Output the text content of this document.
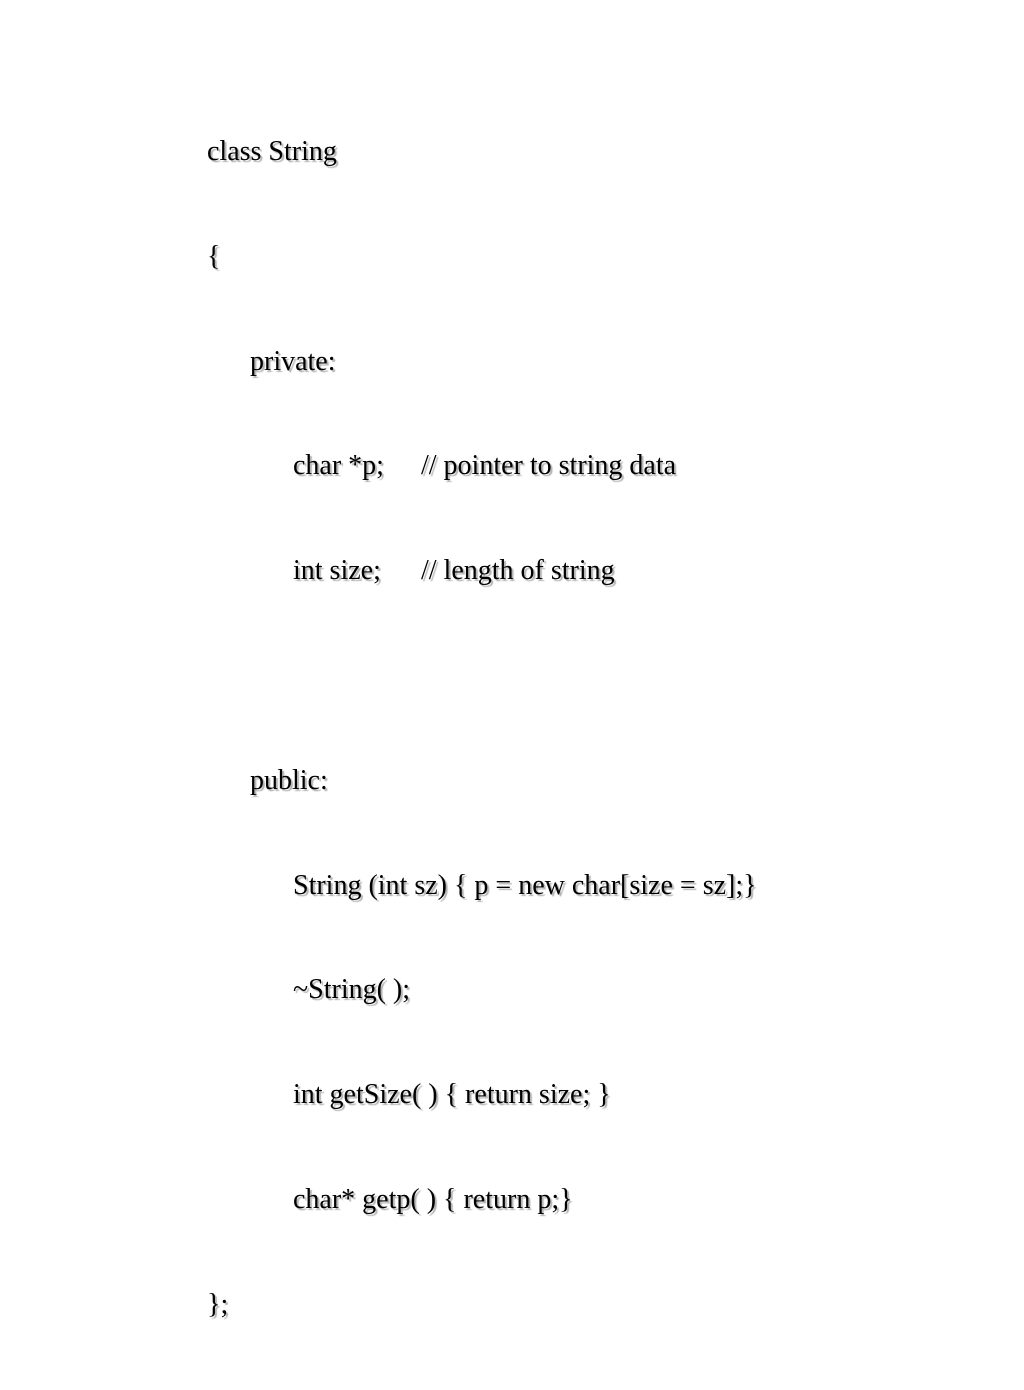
class String

{

private:

char *p; // pointer to string data

int size; // length of string

public:

String (int sz) { p = new char[size = sz];}

~String( );

int getSize( ) { return size; }

char* getp( ) { return p;}

};
